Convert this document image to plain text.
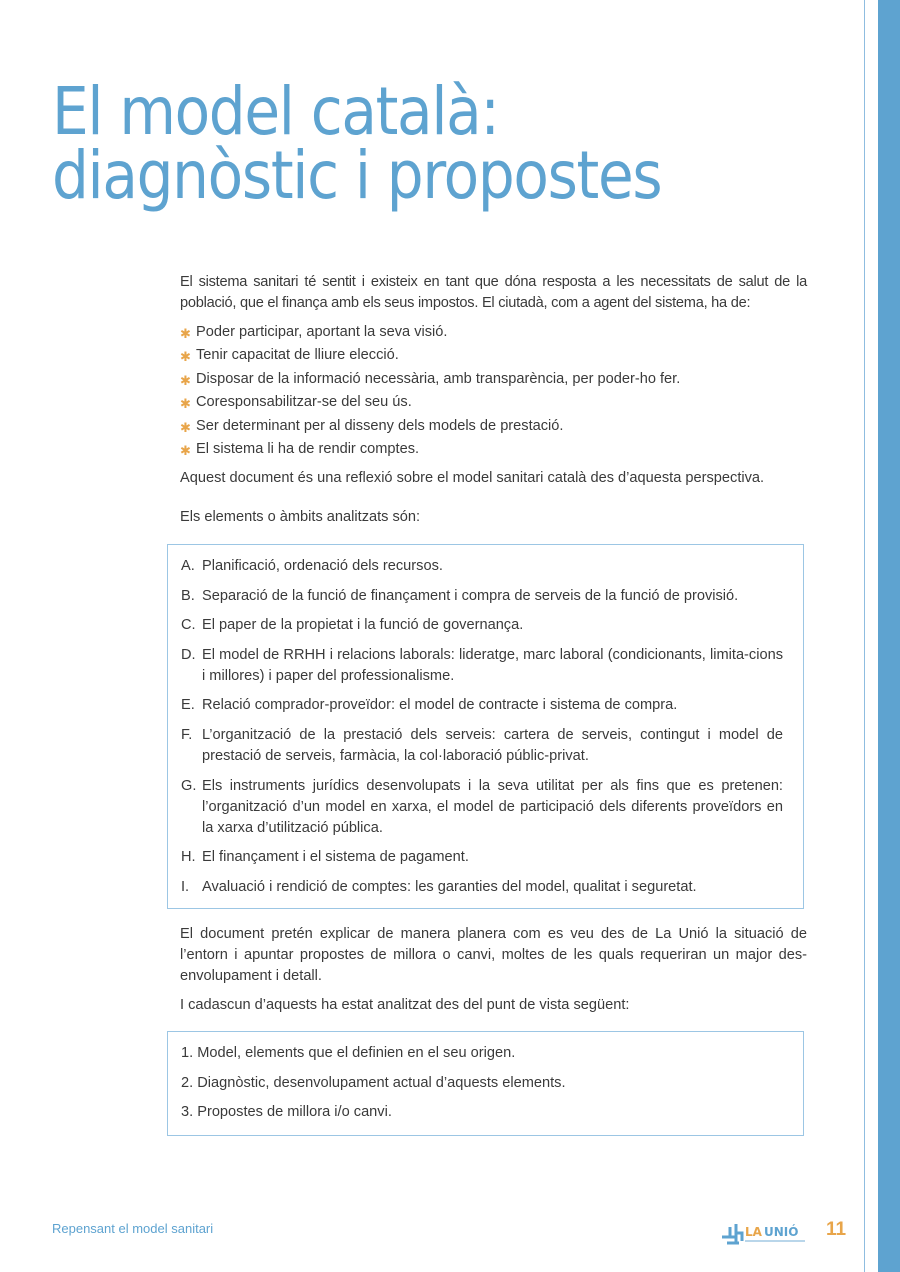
El model català:
diagnòstic i propostes

El sistema sanitari té sentit i existeix en tant que dóna resposta a les necessitats de salut de la població, que el finança amb els seus impostos. El ciutadà, com a agent del sistema, ha de:

✱ Poder participar, aportant la seva visió.
✱ Tenir capacitat de lliure elecció.
✱ Disposar de la informació necessària, amb transparència, per poder-ho fer.
✱ Coresponsabilitzar-se del seu ús.
✱ Ser determinant per al disseny dels models de prestació.
✱ El sistema li ha de rendir comptes.

Aquest document és una reflexió sobre el model sanitari català des d’aquesta perspectiva.

Els elements o àmbits analitzats són:

A. Planificació, ordenació dels recursos.
B. Separació de la funció de finançament i compra de serveis de la funció de provisió.
C. El paper de la propietat i la funció de governança.
D. El model de RRHH i relacions laborals: lideratge, marc laboral (condicionants, limita-cions i millores) i paper del professionalisme.
E. Relació comprador-proveïdor: el model de contracte i sistema de compra.
F. L’organització de la prestació dels serveis: cartera de serveis, contingut i model de prestació de serveis, farmàcia, la col·laboració públic-privat.
G. Els instruments jurídics desenvolupats i la seva utilitat per als fins que es pretenen: l’organització d’un model en xarxa, el model de participació dels diferents proveïdors en la xarxa d’utilització pública.
H. El finançament i el sistema de pagament.
I. Avaluació i rendició de comptes: les garanties del model, qualitat i seguretat.

El document pretén explicar de manera planera com es veu des de La Unió la situació de l’entorn i apuntar propostes de millora o canvi, moltes de les quals requeriran un major des-envolupament i detall.

I cadascun d’aquests ha estat analitzat des del punt de vista següent:

1. Model, elements que el definien en el seu origen.
2. Diagnòstic, desenvolupament actual d’aquests elements.
3. Propostes de millora i/o canvi.
Repensant el model sanitari	LA UNIÓ 11
